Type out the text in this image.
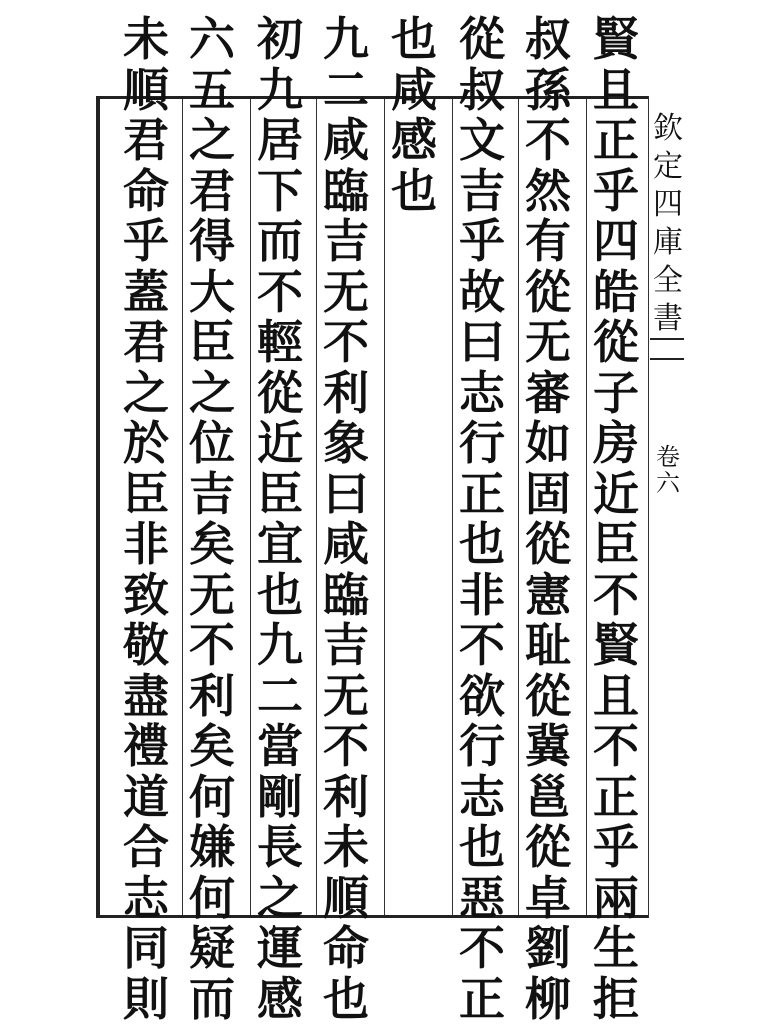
欽
定
四
庫
全
書
卷
六
賢
且
正
乎
四
皓
從
子
房
近
臣
不
賢
且
不
正
乎
兩
生
拒
叔
孫
不
然
有
從
无
審
如
固
從
憲
耻
從
冀
邕
從
卓
劉
柳
從
叔
文
吉
乎
故
曰
志
行
正
也
非
不
欲
行
志
也
惡
不
正
也
咸
感
也
九
二
咸
臨
吉
无
不
利
象
曰
咸
臨
吉
无
不
利
未
順
命
也
初
九
居
下
而
不
輕
從
近
臣
宜
也
九
二
當
剛
長
之
運
感
六
五
之
君
得
大
臣
之
位
吉
矣
无
不
利
矣
何
嫌
何
疑
而
未
順
君
命
乎
蓋
君
之
於
臣
非
致
敬
盡
禮
道
合
志
同
則
